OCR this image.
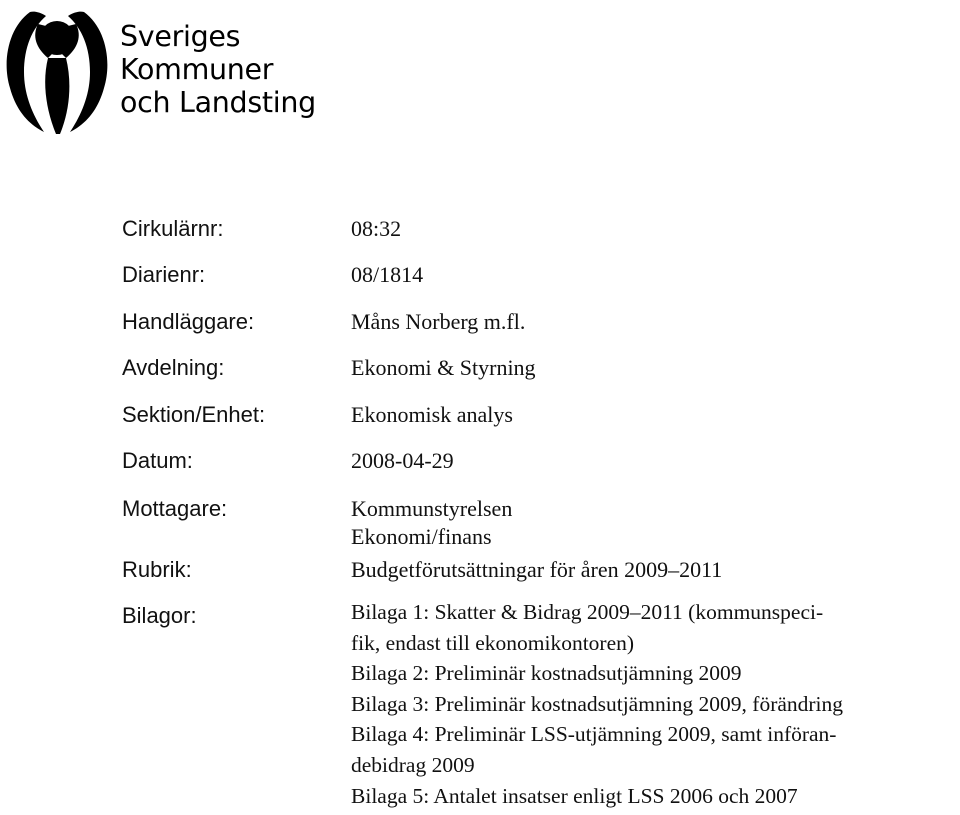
Sveriges
Kommuner
och Landsting
Cirkulärnr:	08:32
Diarienr:	08/1814
Handläggare:	Måns Norberg m.fl.
Avdelning:	Ekonomi & Styrning
Sektion/Enhet:	Ekonomisk analys
Datum:	2008-04-29
Mottagare:	Kommunstyrelsen
Ekonomi/finans
Rubrik:	Budgetförutsättningar för åren 2009–2011
Bilagor:	Bilaga 1: Skatter & Bidrag 2009–2011 (kommunspeci-
fik, endast till ekonomikontoren)
Bilaga 2: Preliminär kostnadsutjämning 2009
Bilaga 3: Preliminär kostnadsutjämning 2009, förändring
Bilaga 4: Preliminär LSS-utjämning 2009, samt införan-
debidrag 2009
Bilaga 5: Antalet insatser enligt LSS 2006 och 2007
